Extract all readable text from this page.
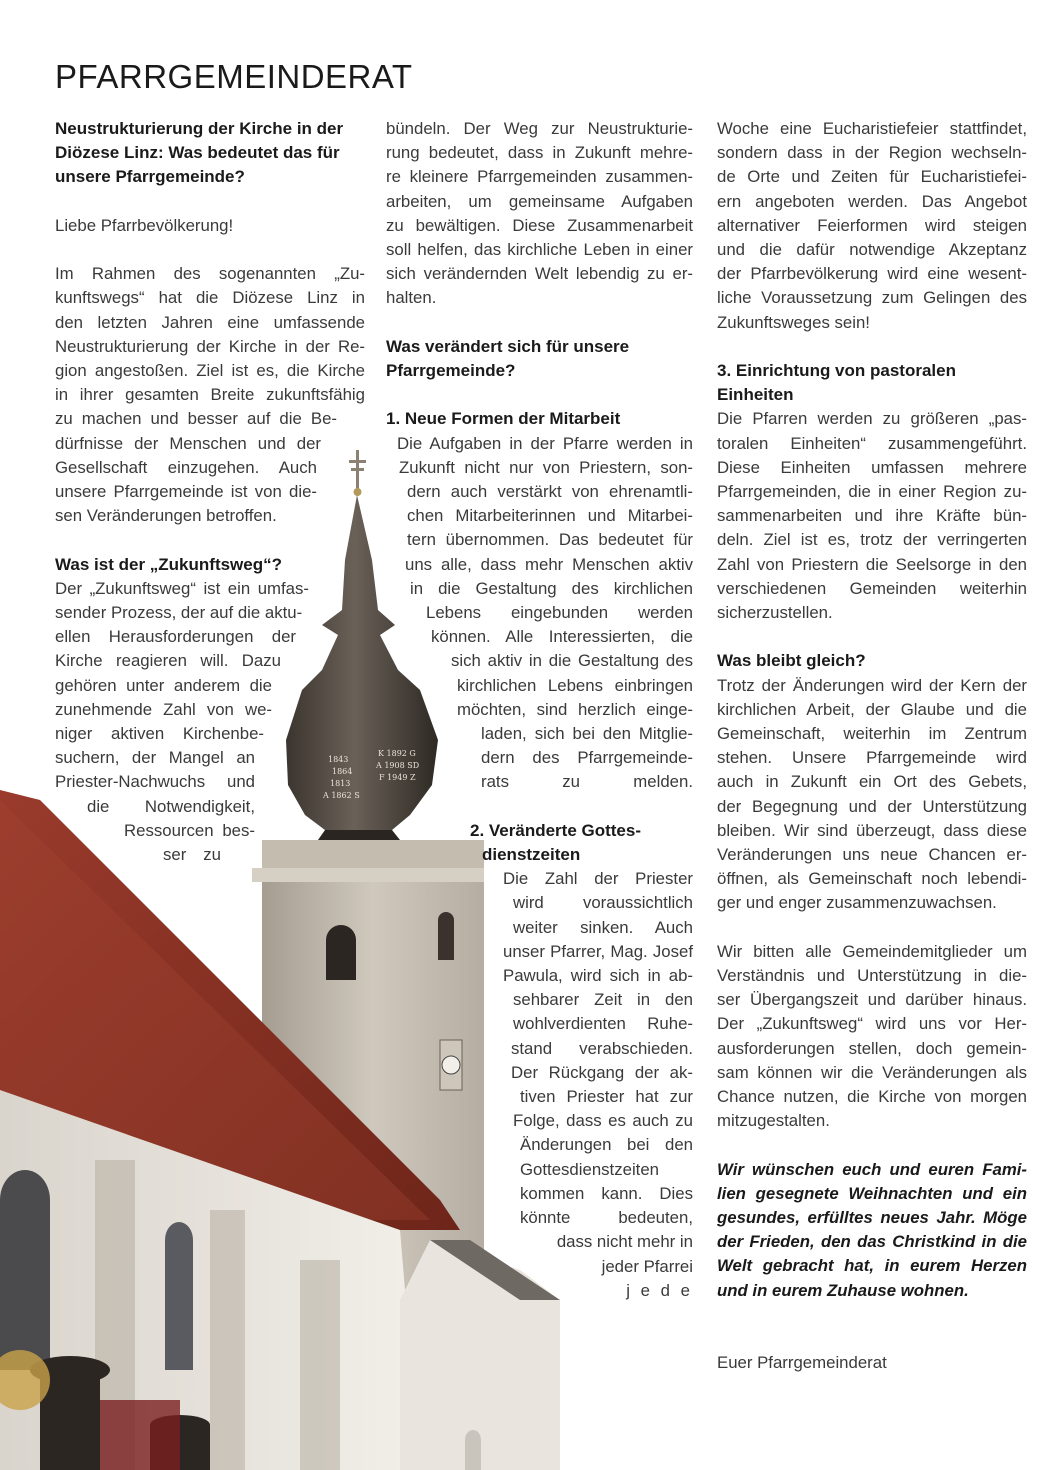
PFARRGEMEINDERAT
1843
1864
1813
A 1862 S
K 1892 G
A 1908 SD
F 1949 Z
Neustrukturierung der Kirche in der Diözese Linz: Was bedeutet das für unsere Pfarrgemeinde?

Liebe Pfarrbevölkerung!

Im Rahmen des sogenannten „Zu-
kunftswegs“ hat die Diözese Linz in
den letzten Jahren eine umfassende
Neustrukturierung der Kirche in der Re-
gion angestoßen. Ziel ist es, die Kirche
in ihrer gesamten Breite zukunftsfähig
zu machen und besser auf die Be-
dürfnisse der Menschen und der
Gesellschaft einzugehen. Auch
unsere Pfarrgemeinde ist von die-
sen Veränderungen betroffen.
Was ist der „Zukunftsweg“?
Der „Zukunftsweg“ ist ein umfas-
sender Prozess, der auf die aktu-
ellen Herausforderungen der
Kirche reagieren will. Dazu
gehören unter anderem die
zunehmende Zahl von we-
niger aktiven Kirchenbe-
suchern, der Mangel an
Priester-Nachwuchs und
die Notwendigkeit,
Ressourcen bes-
ser zu
bündeln. Der Weg zur Neustrukturie-
rung bedeutet, dass in Zukunft mehre-
re kleinere Pfarrgemeinden zusammen-
arbeiten, um gemeinsame Aufgaben
zu bewältigen. Diese Zusammenarbeit
soll helfen, das kirchliche Leben in einer
sich verändernden Welt lebendig zu er-
halten.
Was verändert sich für unsere Pfarrgemeinde?
1. Neue Formen der Mitarbeit
Die Aufgaben in der Pfarre werden in
Zukunft nicht nur von Priestern, son-
dern auch verstärkt von ehrenamtli-
chen Mitarbeiterinnen und Mitarbei-
tern übernommen. Das bedeutet für
uns alle, dass mehr Menschen aktiv
in die Gestaltung des kirchlichen
Lebens eingebunden werden
können. Alle Interessierten, die
sich aktiv in die Gestaltung des
kirchlichen Lebens einbringen
möchten, sind herzlich einge-
laden, sich bei den Mitglie-
dern des Pfarrgemeinde-
rats zu melden.
2. Veränderte Gottes-
dienstzeiten
Die Zahl der Priester
wird voraussichtlich
weiter sinken. Auch
unser Pfarrer, Mag. Josef
Pawula, wird sich in ab-
sehbarer Zeit in den
wohlverdienten Ruhe-
stand verabschieden.
Der Rückgang der ak-
tiven Priester hat zur
Folge, dass es auch zu
Änderungen bei den
Gottesdienstzeiten
kommen kann. Dies
könnte bedeuten,
dass nicht mehr in
jeder Pfarrei
j e d e
Woche eine Eucharistiefeier stattfindet,
sondern dass in der Region wechseln-
de Orte und Zeiten für Eucharistiefei-
ern angeboten werden. Das Angebot
alternativer Feierformen wird steigen
und die dafür notwendige Akzeptanz
der Pfarrbevölkerung wird eine wesent-
liche Voraussetzung zum Gelingen des
Zukunftsweges sein!
3. Einrichtung von pastoralen Einheiten
Die Pfarren werden zu größeren „pas-
toralen Einheiten“ zusammengeführt.
Diese Einheiten umfassen mehrere
Pfarrgemeinden, die in einer Region zu-
sammenarbeiten und ihre Kräfte bün-
deln. Ziel ist es, trotz der verringerten
Zahl von Priestern die Seelsorge in den
verschiedenen Gemeinden weiterhin
sicherzustellen.
Was bleibt gleich?
Trotz der Änderungen wird der Kern der
kirchlichen Arbeit, der Glaube und die
Gemeinschaft, weiterhin im Zentrum
stehen. Unsere Pfarrgemeinde wird
auch in Zukunft ein Ort des Gebets,
der Begegnung und der Unterstützung
bleiben. Wir sind überzeugt, dass diese
Veränderungen uns neue Chancen er-
öffnen, als Gemeinschaft noch lebendi-
ger und enger zusammenzuwachsen.
Wir bitten alle Gemeindemitglieder um
Verständnis und Unterstützung in die-
ser Übergangszeit und darüber hinaus.
Der „Zukunftsweg“ wird uns vor Her-
ausforderungen stellen, doch gemein-
sam können wir die Veränderungen als
Chance nutzen, die Kirche von morgen
mitzugestalten.
Wir wünschen euch und euren Fami-
lien gesegnete Weihnachten und ein
gesundes, erfülltes neues Jahr. Möge
der Frieden, den das Christkind in die
Welt gebracht hat, in eurem Herzen
und in eurem Zuhause wohnen.

Euer Pfarrgemeinderat
